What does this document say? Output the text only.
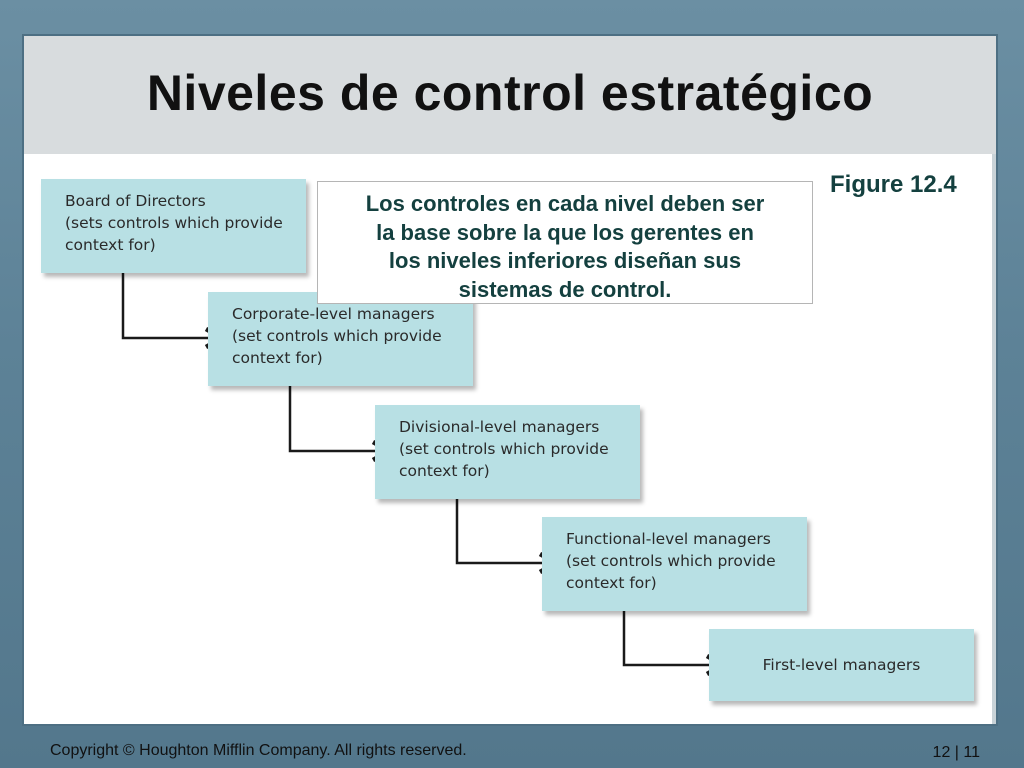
Niveles de control estratégico
Board of Directors
(sets controls which provide
context for)
Corporate-level managers
(set controls which provide
context for)
Divisional-level managers
(set controls which provide
context for)
Functional-level managers
(set controls which provide
context for)
First-level managers
Los controles en cada nivel deben ser
la base sobre la que los gerentes en
los niveles inferiores diseñan sus
sistemas de control.
Figure 12.4
Copyright © Houghton Mifflin Company. All rights reserved.	12 | 11
